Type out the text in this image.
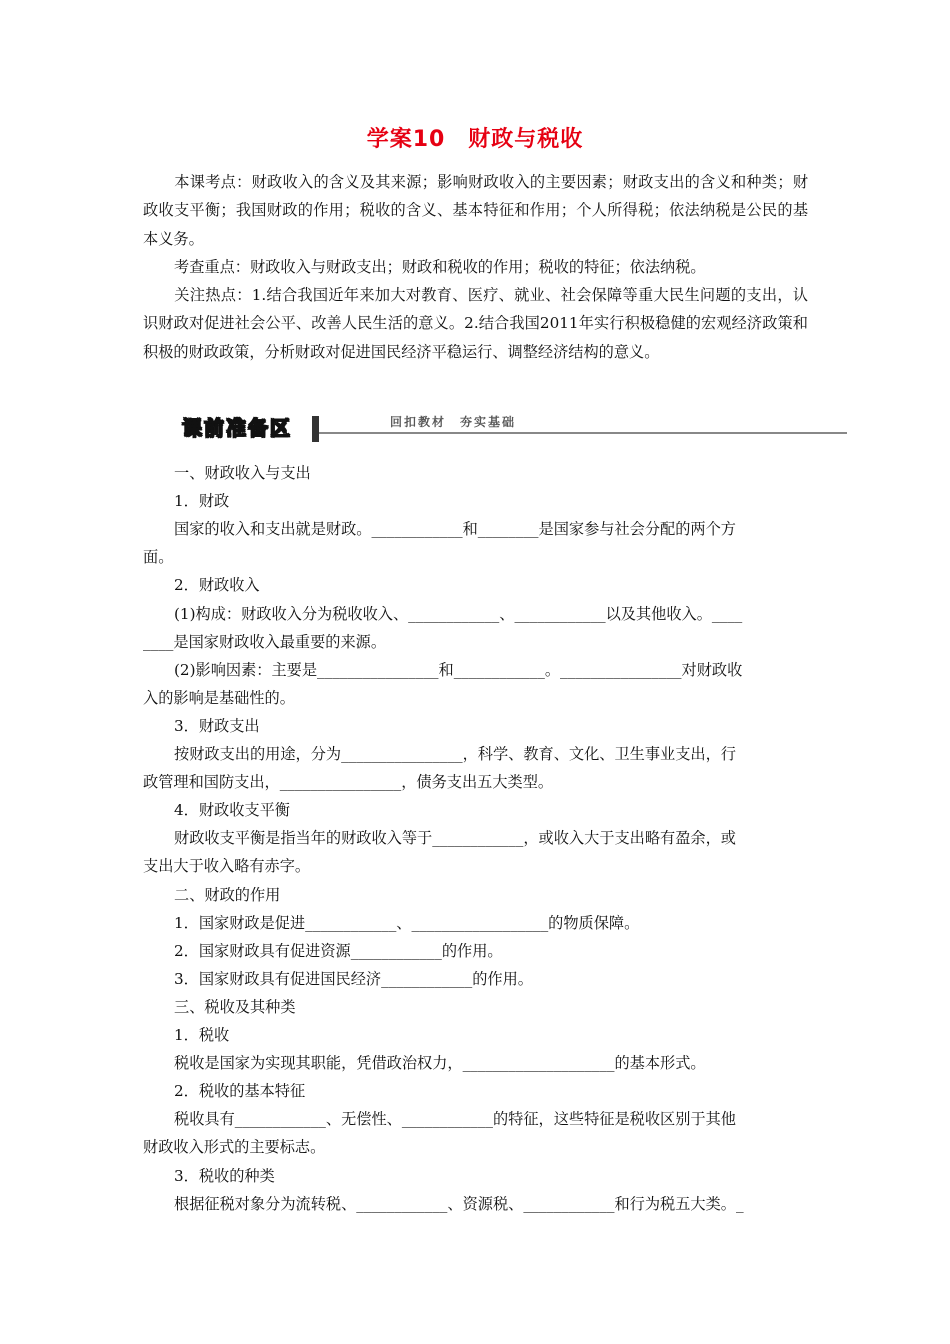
学案10　财政与税收
本课考点：财政收入的含义及其来源；影响财政收入的主要因素；财政支出的含义和种类；财政收支平衡；我国财政的作用；税收的含义、基本特征和作用；个人所得税；依法纳税是公民的基本义务。
考查重点：财政收入与财政支出；财政和税收的作用；税收的特征；依法纳税。
关注热点：1.结合我国近年来加大对教育、医疗、就业、社会保障等重大民生问题的支出，认识财政对促进社会公平、改善人民生活的意义。2.结合我国2011年实行积极稳健的宏观经济政策和积极的财政政策，分析财政对促进国民经济平稳运行、调整经济结构的意义。
课前准备区	回扣教材　夯实基础
一、财政收入与支出
1．财政
国家的收入和支出就是财政。____________和________是国家参与社会分配的两个方
面。
2．财政收入
(1)构成：财政收入分为税收收入、____________、____________以及其他收入。____
____是国家财政收入最重要的来源。
(2)影响因素：主要是________________和____________。________________对财政收
入的影响是基础性的。
3．财政支出
按财政支出的用途，分为________________，科学、教育、文化、卫生事业支出，行
政管理和国防支出，________________，债务支出五大类型。
4．财政收支平衡
财政收支平衡是指当年的财政收入等于____________，或收入大于支出略有盈余，或
支出大于收入略有赤字。
二、财政的作用
1．国家财政是促进____________、__________________的物质保障。
2．国家财政具有促进资源____________的作用。
3．国家财政具有促进国民经济____________的作用。
三、税收及其种类
1．税收
税收是国家为实现其职能，凭借政治权力，____________________的基本形式。
2．税收的基本特征
税收具有____________、无偿性、____________的特征，这些特征是税收区别于其他
财政收入形式的主要标志。
3．税收的种类
根据征税对象分为流转税、____________、资源税、____________和行为税五大类。_
